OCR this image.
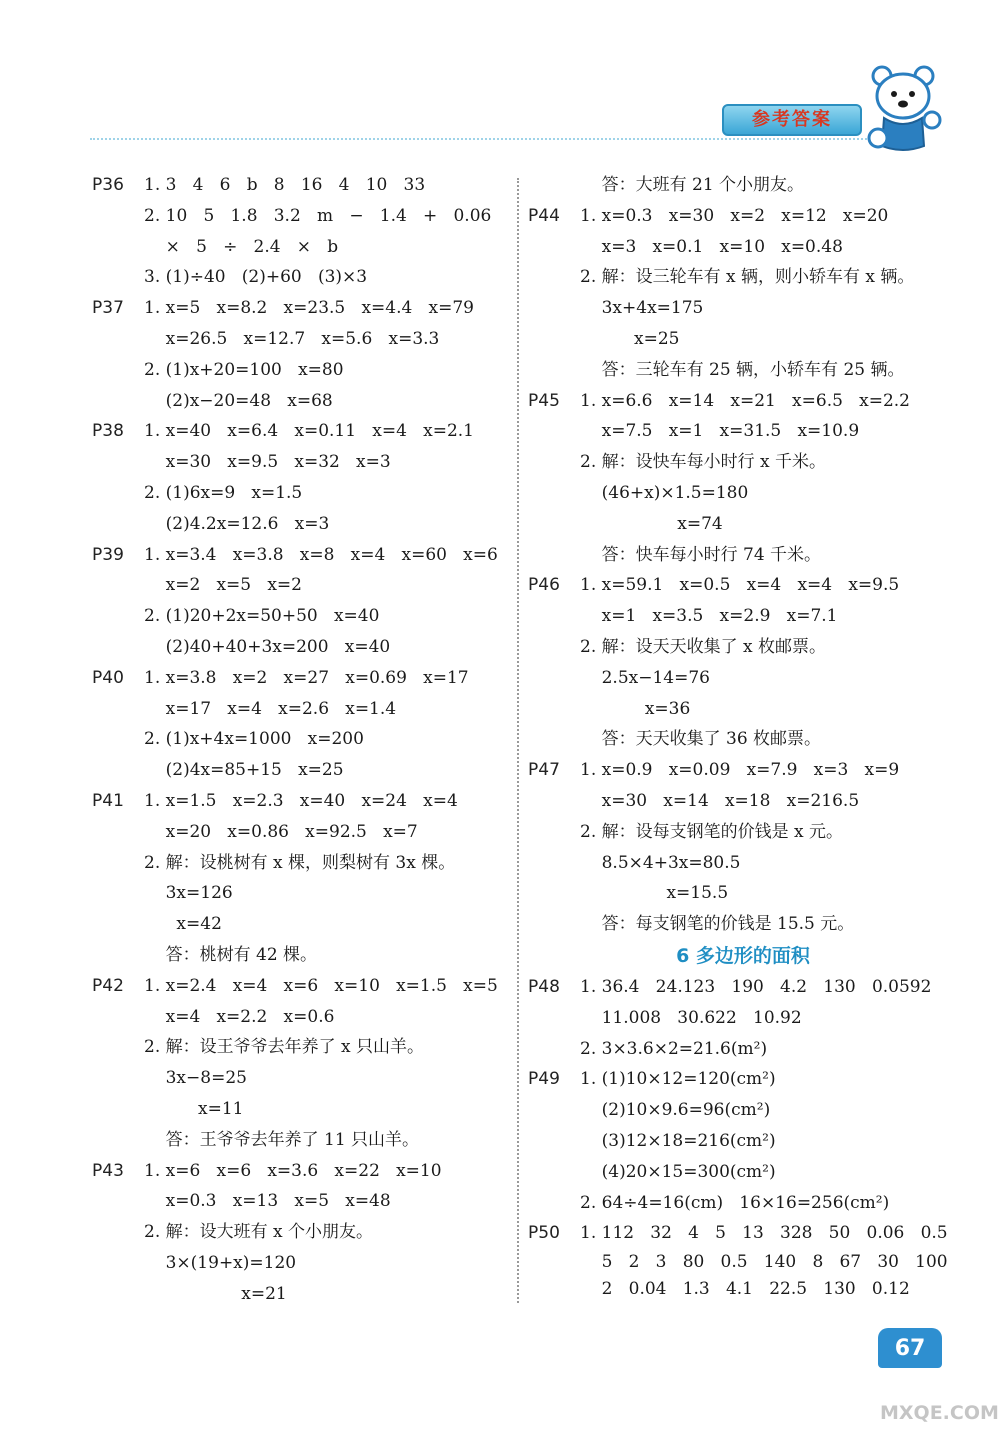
参考答案
P36 1. 3   4   6   b   8   16   4   10   33
2. 10   5   1.8   3.2   m   −   1.4   +   0.06
×   5   ÷   2.4   ×   b
3. (1)÷40   (2)+60   (3)×3
P37 1. x=5   x=8.2   x=23.5   x=4.4   x=79
x=26.5   x=12.7   x=5.6   x=3.3
2. (1)x+20=100   x=80
(2)x−20=48   x=68
P38 1. x=40   x=6.4   x=0.11   x=4   x=2.1
x=30   x=9.5   x=32   x=3
2. (1)6x=9   x=1.5
(2)4.2x=12.6   x=3
P39 1. x=3.4   x=3.8   x=8   x=4   x=60   x=6
x=2   x=5   x=2
2. (1)20+2x=50+50   x=40
(2)40+40+3x=200   x=40
P40 1. x=3.8   x=2   x=27   x=0.69   x=17
x=17   x=4   x=2.6   x=1.4
2. (1)x+4x=1000   x=200
(2)4x=85+15   x=25
P41 1. x=1.5   x=2.3   x=40   x=24   x=4
x=20   x=0.86   x=92.5   x=7
2. 解：设桃树有 x 棵，则梨树有 3x 棵。
3x=126
x=42
答：桃树有 42 棵。
P42 1. x=2.4   x=4   x=6   x=10   x=1.5   x=5
x=4   x=2.2   x=0.6
2. 解：设王爷爷去年养了 x 只山羊。
3x−8=25
x=11
答：王爷爷去年养了 11 只山羊。
P43 1. x=6   x=6   x=3.6   x=22   x=10
x=0.3   x=13   x=5   x=48
2. 解：设大班有 x 个小朋友。
3×(19+x)=120
x=21
答：大班有 21 个小朋友。
P44 1. x=0.3   x=30   x=2   x=12   x=20
x=3   x=0.1   x=10   x=0.48
2. 解：设三轮车有 x 辆，则小轿车有 x 辆。
3x+4x=175
x=25
答：三轮车有 25 辆，小轿车有 25 辆。
P45 1. x=6.6   x=14   x=21   x=6.5   x=2.2
x=7.5   x=1   x=31.5   x=10.9
2. 解：设快车每小时行 x 千米。
(46+x)×1.5=180
x=74
答：快车每小时行 74 千米。
P46 1. x=59.1   x=0.5   x=4   x=4   x=9.5
x=1   x=3.5   x=2.9   x=7.1
2. 解：设天天收集了 x 枚邮票。
2.5x−14=76
x=36
答：天天收集了 36 枚邮票。
P47 1. x=0.9   x=0.09   x=7.9   x=3   x=9
x=30   x=14   x=18   x=216.5
2. 解：设每支钢笔的价钱是 x 元。
8.5×4+3x=80.5
x=15.5
答：每支钢笔的价钱是 15.5 元。
6 多边形的面积
P48 1. 36.4   24.123   190   4.2   130   0.0592
11.008   30.622   10.92
2. 3×3.6×2=21.6(m²)
P49 1. (1)10×12=120(cm²)
(2)10×9.6=96(cm²)
(3)12×18=216(cm²)
(4)20×15=300(cm²)
2. 64÷4=16(cm)   16×16=256(cm²)
P50 1. 112   32   4   5   13   328   50   0.06   0.5
5   2   3   80   0.5   140   8   67   30   100
2   0.04   1.3   4.1   22.5   130   0.12
67
MXQE.COM
